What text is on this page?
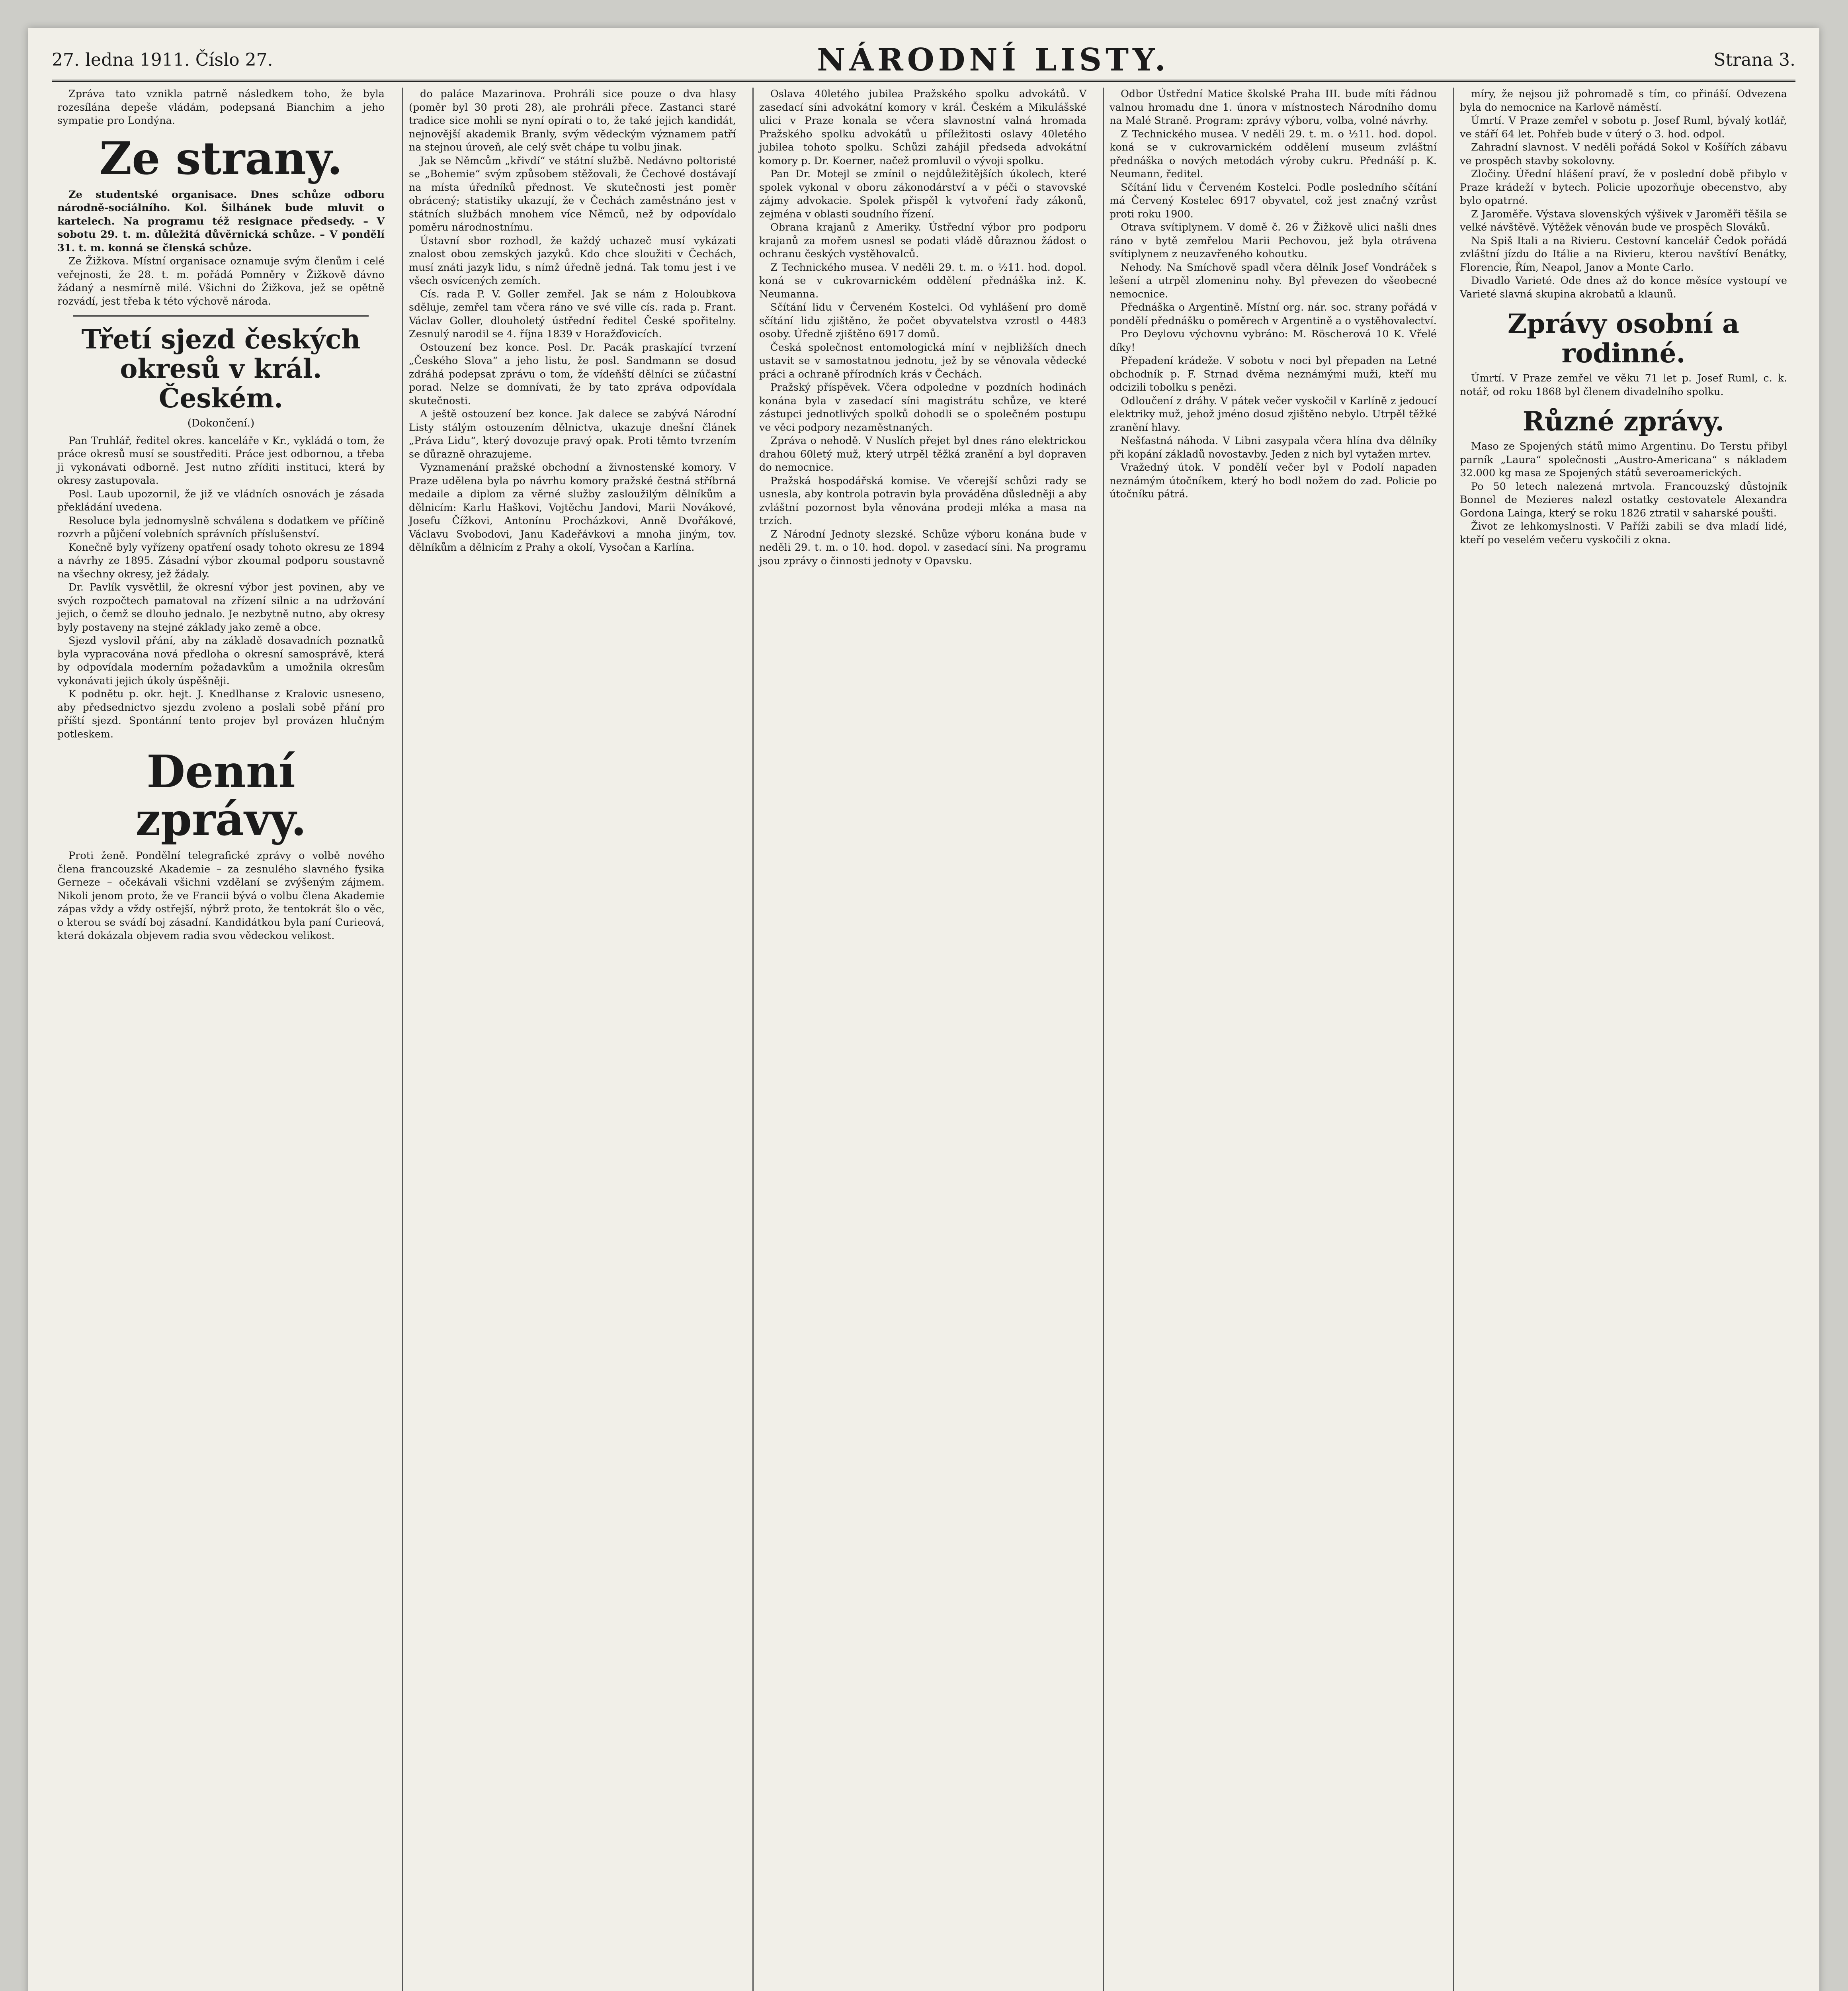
27. ledna 1911. Číslo 27.	NÁRODNÍ LISTY.	Strana 3.

Zpráva tato vznikla patrně následkem toho, že byla rozesílána depeše vládám, podepsaná Bianchim a jeho sympatie pro Londýna.

Ze strany.

Ze studentské organisace. Dnes schůze odboru národně-sociálního. Kol. Šilhánek bude mluvit o kartelech. Na programu též resignace předsedy. – V sobotu 29. t. m. důležitá důvěrnická schůze. – V pondělí 31. t. m. konná se členská schůze.

Ze Žižkova. Místní organisace oznamuje svým členům i celé veřejnosti, že 28. t. m. pořádá Pomněry v Žižkově dávno žádaný a nesmírně milé. Všichni do Žižkova, jež se opětně rozvádí, jest třeba k této výchově národa.

Třetí sjezd českých okresů v král. Českém.
(Dokončení.)

Pan Truhlář, ředitel okres. kanceláře v Kr., vykládá o tom, že práce okresů musí se soustřediti. Práce jest odbornou, a třeba ji vykonávati odborně. Jest nutno zříditi instituci, která by okresy zastupovala.

Posl. Laub upozornil, že již ve vládních osnovách je zásada překládání uvedena.

Resoluce byla jednomyslně schválena s dodatkem ve příčině rozvrh a půjčení volebních správních příslušenství.

Konečně byly vyřízeny opatření osady tohoto okresu ze 1894 a návrhy ze 1895. Zásadní výbor zkoumal podporu soustavně na všechny okresy, jež žádaly.

Dr. Pavlík vysvětlil, že okresní výbor jest povinen, aby ve svých rozpočtech pamatoval na zřízení silnic a na udržování jejich, o čemž se dlouho jednalo. Je nezbytně nutno, aby okresy byly postaveny na stejné základy jako země a obce.

Sjezd vyslovil přání, aby na základě dosavadních poznatků byla vypracována nová předloha o okresní samosprávě, která by odpovídala moderním požadavkům a umožnila okresům vykonávati jejich úkoly úspěšněji.

K podnětu p. okr. hejt. J. Knedlhanse z Kralovic usneseno, aby předsednictvo sjezdu zvoleno a poslali sobě přání pro příští sjezd. Spontánní tento projev byl provázen hlučným potleskem.

Denní zprávy.

Proti ženě. Pondělní telegrafické zprávy o volbě nového člena francouzské Akademie – za zesnulého slavného fysika Gerneze – očekávali všichni vzdělaní se zvýšeným zájmem. Nikoli jenom proto, že ve Francii bývá o volbu člena Akademie zápas vždy a vždy ostřejší, nýbrž proto, že tentokrát šlo o věc, o kterou se svádí boj zásadní. Kandidátkou byla paní Curieová, která dokázala objevem radia svou vědeckou velikost.

do paláce Mazarinova. Prohráli sice pouze o dva hlasy (poměr byl 30 proti 28), ale prohráli přece. Zastanci staré tradice sice mohli se nyní opírati o to, že také jejich kandidát, nejnovější akademik Branly, svým vědeckým významem patří na stejnou úroveň, ale celý svět chápe tu volbu jinak.

Jak se Němcům „křivdí“ ve státní službě. Nedávno poltoristé se „Bohemie“ svým způsobem stěžovali, že Čechové dostávají na místa úředníků přednost. Ve skutečnosti jest poměr obrácený; statistiky ukazují, že v Čechách zaměstnáno jest v státních službách mnohem více Němců, než by odpovídalo poměru národnostnímu.

Ústavní sbor rozhodl, že každý uchazeč musí vykázati znalost obou zemských jazyků. Kdo chce sloužiti v Čechách, musí znáti jazyk lidu, s nímž úředně jedná. Tak tomu jest i ve všech osvícených zemích.

Cís. rada P. V. Goller zemřel. Jak se nám z Holoubkova sděluje, zemřel tam včera ráno ve své ville cís. rada p. Frant. Václav Goller, dlouholetý ústřední ředitel České spořitelny. Zesnulý narodil se 4. října 1839 v Horažďovicích.

Ostouzení bez konce. Posl. Dr. Pacák praskající tvrzení „Českého Slova“ a jeho listu, že posl. Sandmann se dosud zdráhá podepsat zprávu o tom, že vídeňští dělníci se zúčastní porad. Nelze se domnívati, že by tato zpráva odpovídala skutečnosti.

A ještě ostouzení bez konce. Jak dalece se zabývá Národní Listy stálým ostouzením dělnictva, ukazuje dnešní článek „Práva Lidu“, který dovozuje pravý opak. Proti těmto tvrzením se důrazně ohrazujeme.

Vyznamenání pražské obchodní a živnostenské komory. V Praze udělena byla po návrhu komory pražské čestná stříbrná medaile a diplom za věrné služby zasloužilým dělníkům a dělnicím: Karlu Haškovi, Vojtěchu Jandovi, Marii Novákové, Josefu Čížkovi, Antonínu Procházkovi, Anně Dvořákové, Václavu Svobodovi, Janu Kadeřávkovi a mnoha jiným, tov. dělníkům a dělnicím z Prahy a okolí, Vysočan a Karlína.

Oslava 40letého jubilea Pražského spolku advokátů. V zasedací síni advokátní komory v král. Českém a Mikulášské ulici v Praze konala se včera slavnostní valná hromada Pražského spolku advokátů u příležitosti oslavy 40letého jubilea tohoto spolku. Schůzi zahájil předseda advokátní komory p. Dr. Koerner, načež promluvil o vývoji spolku.

Pan Dr. Motejl se zmínil o nejdůležitějších úkolech, které spolek vykonal v oboru zákonodárství a v péči o stavovské zájmy advokacie. Spolek přispěl k vytvoření řady zákonů, zejména v oblasti soudního řízení.

Obrana krajanů z Ameriky. Ústřední výbor pro podporu krajanů za mořem usnesl se podati vládě důraznou žádost o ochranu českých vystěhovalců.

Z Technického musea. V neděli 29. t. m. o ½11. hod. dopol. koná se v cukrovarnickém oddělení přednáška inž. K. Neumanna.

Sčítání lidu v Červeném Kostelci. Od vyhlášení pro domě sčítání lidu zjištěno, že počet obyvatelstva vzrostl o 4483 osoby. Úředně zjištěno 6917 domů.

Česká společnost entomologická míní v nejbližších dnech ustavit se v samostatnou jednotu, jež by se věnovala vědecké práci a ochraně přírodních krás v Čechách.

Pražský příspěvek. Včera odpoledne v pozdních hodinách konána byla v zasedací síni magistrátu schůze, ve které zástupci jednotlivých spolků dohodli se o společném postupu ve věci podpory nezaměstnaných.

Zpráva o nehodě. V Nuslích přejet byl dnes ráno elektrickou drahou 60letý muž, který utrpěl těžká zranění a byl dopraven do nemocnice.

Pražská hospodářská komise. Ve včerejší schůzi rady se usnesla, aby kontrola potravin byla prováděna důsledněji a aby zvláštní pozornost byla věnována prodeji mléka a masa na trzích.

Z Národní Jednoty slezské. Schůze výboru konána bude v neděli 29. t. m. o 10. hod. dopol. v zasedací síni. Na programu jsou zprávy o činnosti jednoty v Opavsku.

Odbor Ústřední Matice školské Praha III. bude míti řádnou valnou hromadu dne 1. února v místnostech Národního domu na Malé Straně. Program: zprávy výboru, volba, volné návrhy.

Z Technického musea. V neděli 29. t. m. o ½11. hod. dopol. koná se v cukrovarnickém oddělení museum zvláštní přednáška o nových metodách výroby cukru. Přednáší p. K. Neumann, ředitel.

Sčítání lidu v Červeném Kostelci. Podle posledního sčítání má Červený Kostelec 6917 obyvatel, což jest značný vzrůst proti roku 1900.

Otrava svítiplynem. V domě č. 26 v Žižkově ulici našli dnes ráno v bytě zemřelou Marii Pechovou, jež byla otrávena svítiplynem z neuzavřeného kohoutku.

Nehody. Na Smíchově spadl včera dělník Josef Vondráček s lešení a utrpěl zlomeninu nohy. Byl převezen do všeobecné nemocnice.

Přednáška o Argentině. Místní org. nár. soc. strany pořádá v pondělí přednášku o poměrech v Argentině a o vystěhovalectví.

Pro Deylovu výchovnu vybráno: M. Röscherová 10 K. Vřelé díky!

Přepadení krádeže. V sobotu v noci byl přepaden na Letné obchodník p. F. Strnad dvěma neznámými muži, kteří mu odcizili tobolku s penězi.

Odloučení z dráhy. V pátek večer vyskočil v Karlíně z jedoucí elektriky muž, jehož jméno dosud zjištěno nebylo. Utrpěl těžké zranění hlavy.

Nešťastná náhoda. V Libni zasypala včera hlína dva dělníky při kopání základů novostavby. Jeden z nich byl vytažen mrtev.

Vražedný útok. V pondělí večer byl v Podolí napaden neznámým útočníkem, který ho bodl nožem do zad. Policie po útočníku pátrá.

míry, že nejsou již pohromadě s tím, co přináší. Odvezena byla do nemocnice na Karlově náměstí.

Úmrtí. V Praze zemřel v sobotu p. Josef Ruml, bývalý kotlář, ve stáří 64 let. Pohřeb bude v úterý o 3. hod. odpol.

Zahradní slavnost. V neděli pořádá Sokol v Košířích zábavu ve prospěch stavby sokolovny.

Zločiny. Úřední hlášení praví, že v poslední době přibylo v Praze krádeží v bytech. Policie upozorňuje obecenstvo, aby bylo opatrné.

Z Jaroměře. Výstava slovenských výšivek v Jaroměři těšila se velké návštěvě. Výtěžek věnován bude ve prospěch Slováků.

Na Spiš Itali a na Rivieru. Cestovní kancelář Čedok pořádá zvláštní jízdu do Itálie a na Rivieru, kterou navštíví Benátky, Florencie, Řím, Neapol, Janov a Monte Carlo.

Divadlo Varieté. Ode dnes až do konce měsíce vystoupí ve Varieté slavná skupina akrobatů a klaunů.

Zprávy osobní a rodinné.

Úmrtí. V Praze zemřel ve věku 71 let p. Josef Ruml, c. k. notář, od roku 1868 byl členem divadelního spolku.

Různé zprávy.

Maso ze Spojených států mimo Argentinu. Do Terstu přibyl parník „Laura“ společnosti „Austro-Americana“ s nákladem 32.000 kg masa ze Spojených států severoamerických.

Po 50 letech nalezená mrtvola. Francouzský důstojník Bonnel de Mezieres nalezl ostatky cestovatele Alexandra Gordona Lainga, který se roku 1826 ztratil v saharské poušti.

Život ze lehkomyslnosti. V Paříži zabili se dva mladí lidé, kteří po veselém večeru vyskočili z okna.
